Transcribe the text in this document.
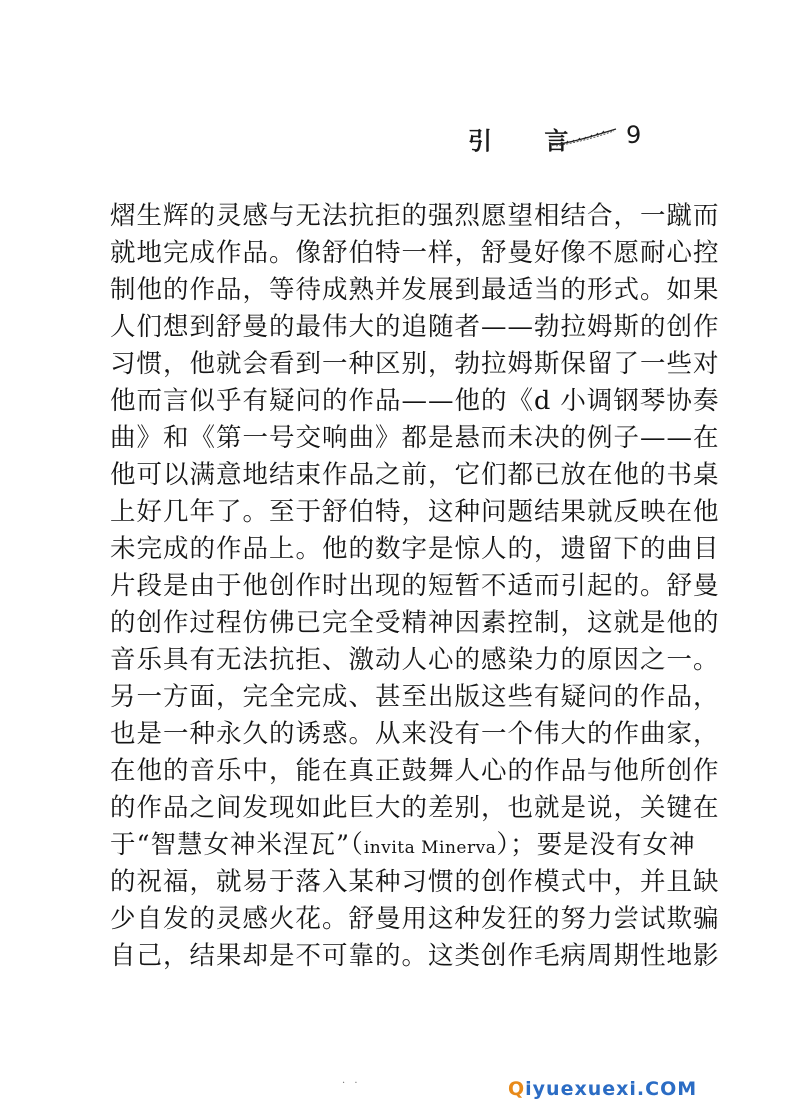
引 言 9
熠生辉的灵感与无法抗拒的强烈愿望相结合，一蹴而
就地完成作品。像舒伯特一样，舒曼好像不愿耐心控
制他的作品，等待成熟并发展到最适当的形式。如果
人们想到舒曼的最伟大的追随者——勃拉姆斯的创作
习惯，他就会看到一种区别，勃拉姆斯保留了一些对
他而言似乎有疑问的作品——他的《d 小调钢琴协奏
曲》和《第一号交响曲》都是悬而未决的例子——在
他可以满意地结束作品之前，它们都已放在他的书桌
上好几年了。至于舒伯特，这种问题结果就反映在他
未完成的作品上。他的数字是惊人的，遗留下的曲目
片段是由于他创作时出现的短暂不适而引起的。舒曼
的创作过程仿佛已完全受精神因素控制，这就是他的
音乐具有无法抗拒、激动人心的感染力的原因之一。
另一方面，完全完成、甚至出版这些有疑问的作品，
也是一种永久的诱惑。从来没有一个伟大的作曲家，
在他的音乐中，能在真正鼓舞人心的作品与他所创作
的作品之间发现如此巨大的差别，也就是说，关键在
于“智慧女神米涅瓦”（invita Minerva）；要是没有女神
的祝福，就易于落入某种习惯的创作模式中，并且缺
少自发的灵感火花。舒曼用这种发狂的努力尝试欺骗
自己，结果却是不可靠的。这类创作毛病周期性地影
· ·	Qiyuexuexi.COM
